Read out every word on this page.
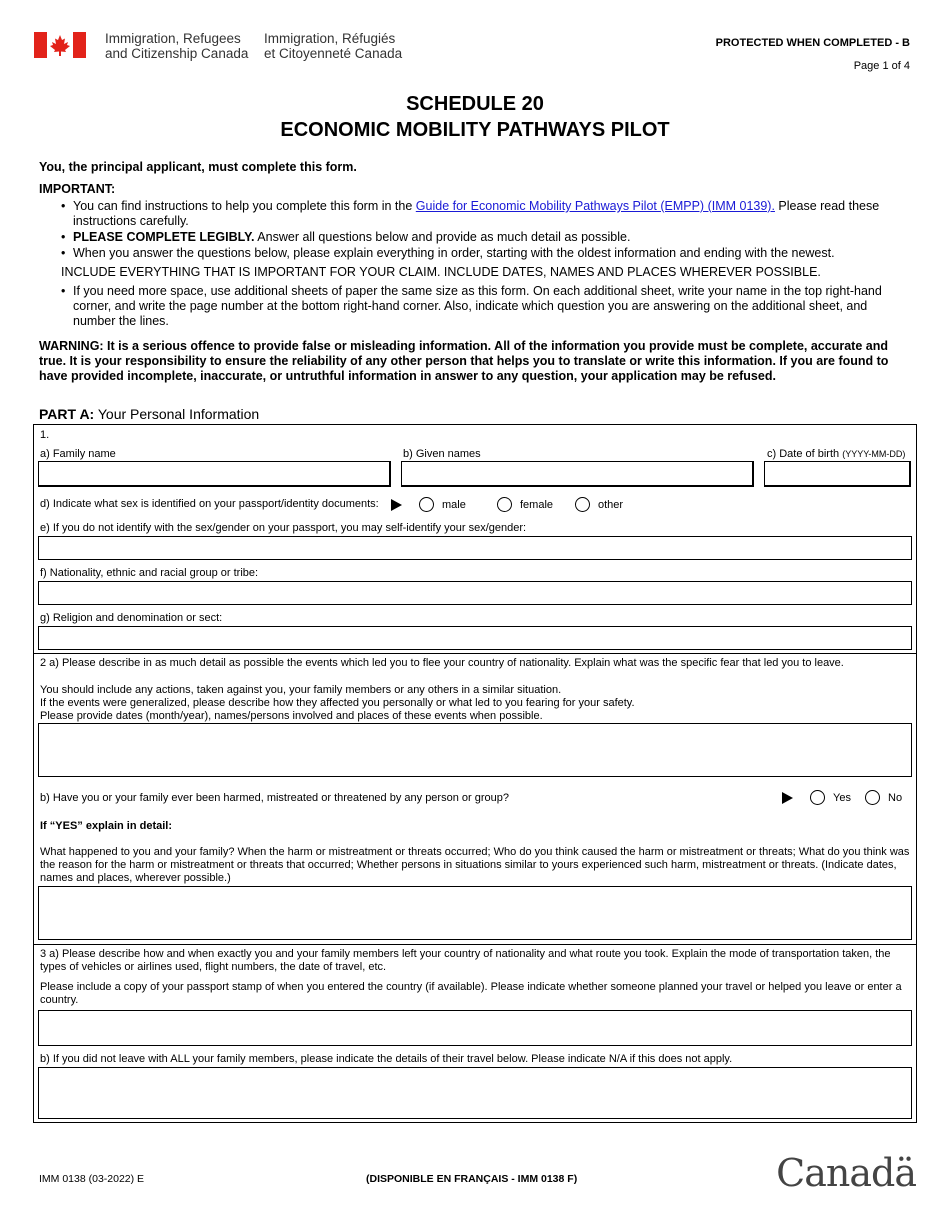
Immigration, Refugees
and Citizenship Canada
Immigration, Réfugiés
et Citoyenneté Canada
PROTECTED WHEN COMPLETED - B
Page 1 of 4
SCHEDULE 20
ECONOMIC MOBILITY PATHWAYS PILOT
You, the principal applicant, must complete this form.
IMPORTANT:
• You can find instructions to help you complete this form in the Guide for Economic Mobility Pathways Pilot (EMPP) (IMM 0139). Please read these instructions carefully.
• PLEASE COMPLETE LEGIBLY. Answer all questions below and provide as much detail as possible.
• When you answer the questions below, please explain everything in order, starting with the oldest information and ending with the newest.
INCLUDE EVERYTHING THAT IS IMPORTANT FOR YOUR CLAIM. INCLUDE DATES, NAMES AND PLACES WHEREVER POSSIBLE.
• If you need more space, use additional sheets of paper the same size as this form. On each additional sheet, write your name in the top right-hand corner, and write the page number at the bottom right-hand corner. Also, indicate which question you are answering on the additional sheet, and number the lines.
WARNING: It is a serious offence to provide false or misleading information. All of the information you provide must be complete, accurate and true. It is your responsibility to ensure the reliability of any other person that helps you to translate or write this information. If you are found to have provided incomplete, inaccurate, or untruthful information in answer to any question, your application may be refused.
PART A: Your Personal Information
1.
a) Family name	b) Given names	c) Date of birth (YYYY-MM-DD)
d) Indicate what sex is identified on your passport/identity documents:	male	female	other
e) If you do not identify with the sex/gender on your passport, you may self-identify your sex/gender:
f) Nationality, ethnic and racial group or tribe:
g) Religion and denomination or sect:
2 a) Please describe in as much detail as possible the events which led you to flee your country of nationality. Explain what was the specific fear that led you to leave.
You should include any actions, taken against you, your family members or any others in a similar situation.
If the events were generalized, please describe how they affected you personally or what led to you fearing for your safety.
Please provide dates (month/year), names/persons involved and places of these events when possible.
b) Have you or your family ever been harmed, mistreated or threatened by any person or group?	Yes	No
If “YES” explain in detail:
What happened to you and your family? When the harm or mistreatment or threats occurred; Who do you think caused the harm or mistreatment or threats; What do you think was the reason for the harm or mistreatment or threats that occurred; Whether persons in situations similar to yours experienced such harm, mistreatment or threats. (Indicate dates, names and places, wherever possible.)
3 a) Please describe how and when exactly you and your family members left your country of nationality and what route you took. Explain the mode of transportation taken, the types of vehicles or airlines used, flight numbers, the date of travel, etc.
Please include a copy of your passport stamp of when you entered the country (if available). Please indicate whether someone planned your travel or helped you leave or enter a country.
b) If you did not leave with ALL your family members, please indicate the details of their travel below. Please indicate N/A if this does not apply.
IMM 0138 (03-2022) E	(DISPONIBLE EN FRANÇAIS - IMM 0138 F)	Canadä
